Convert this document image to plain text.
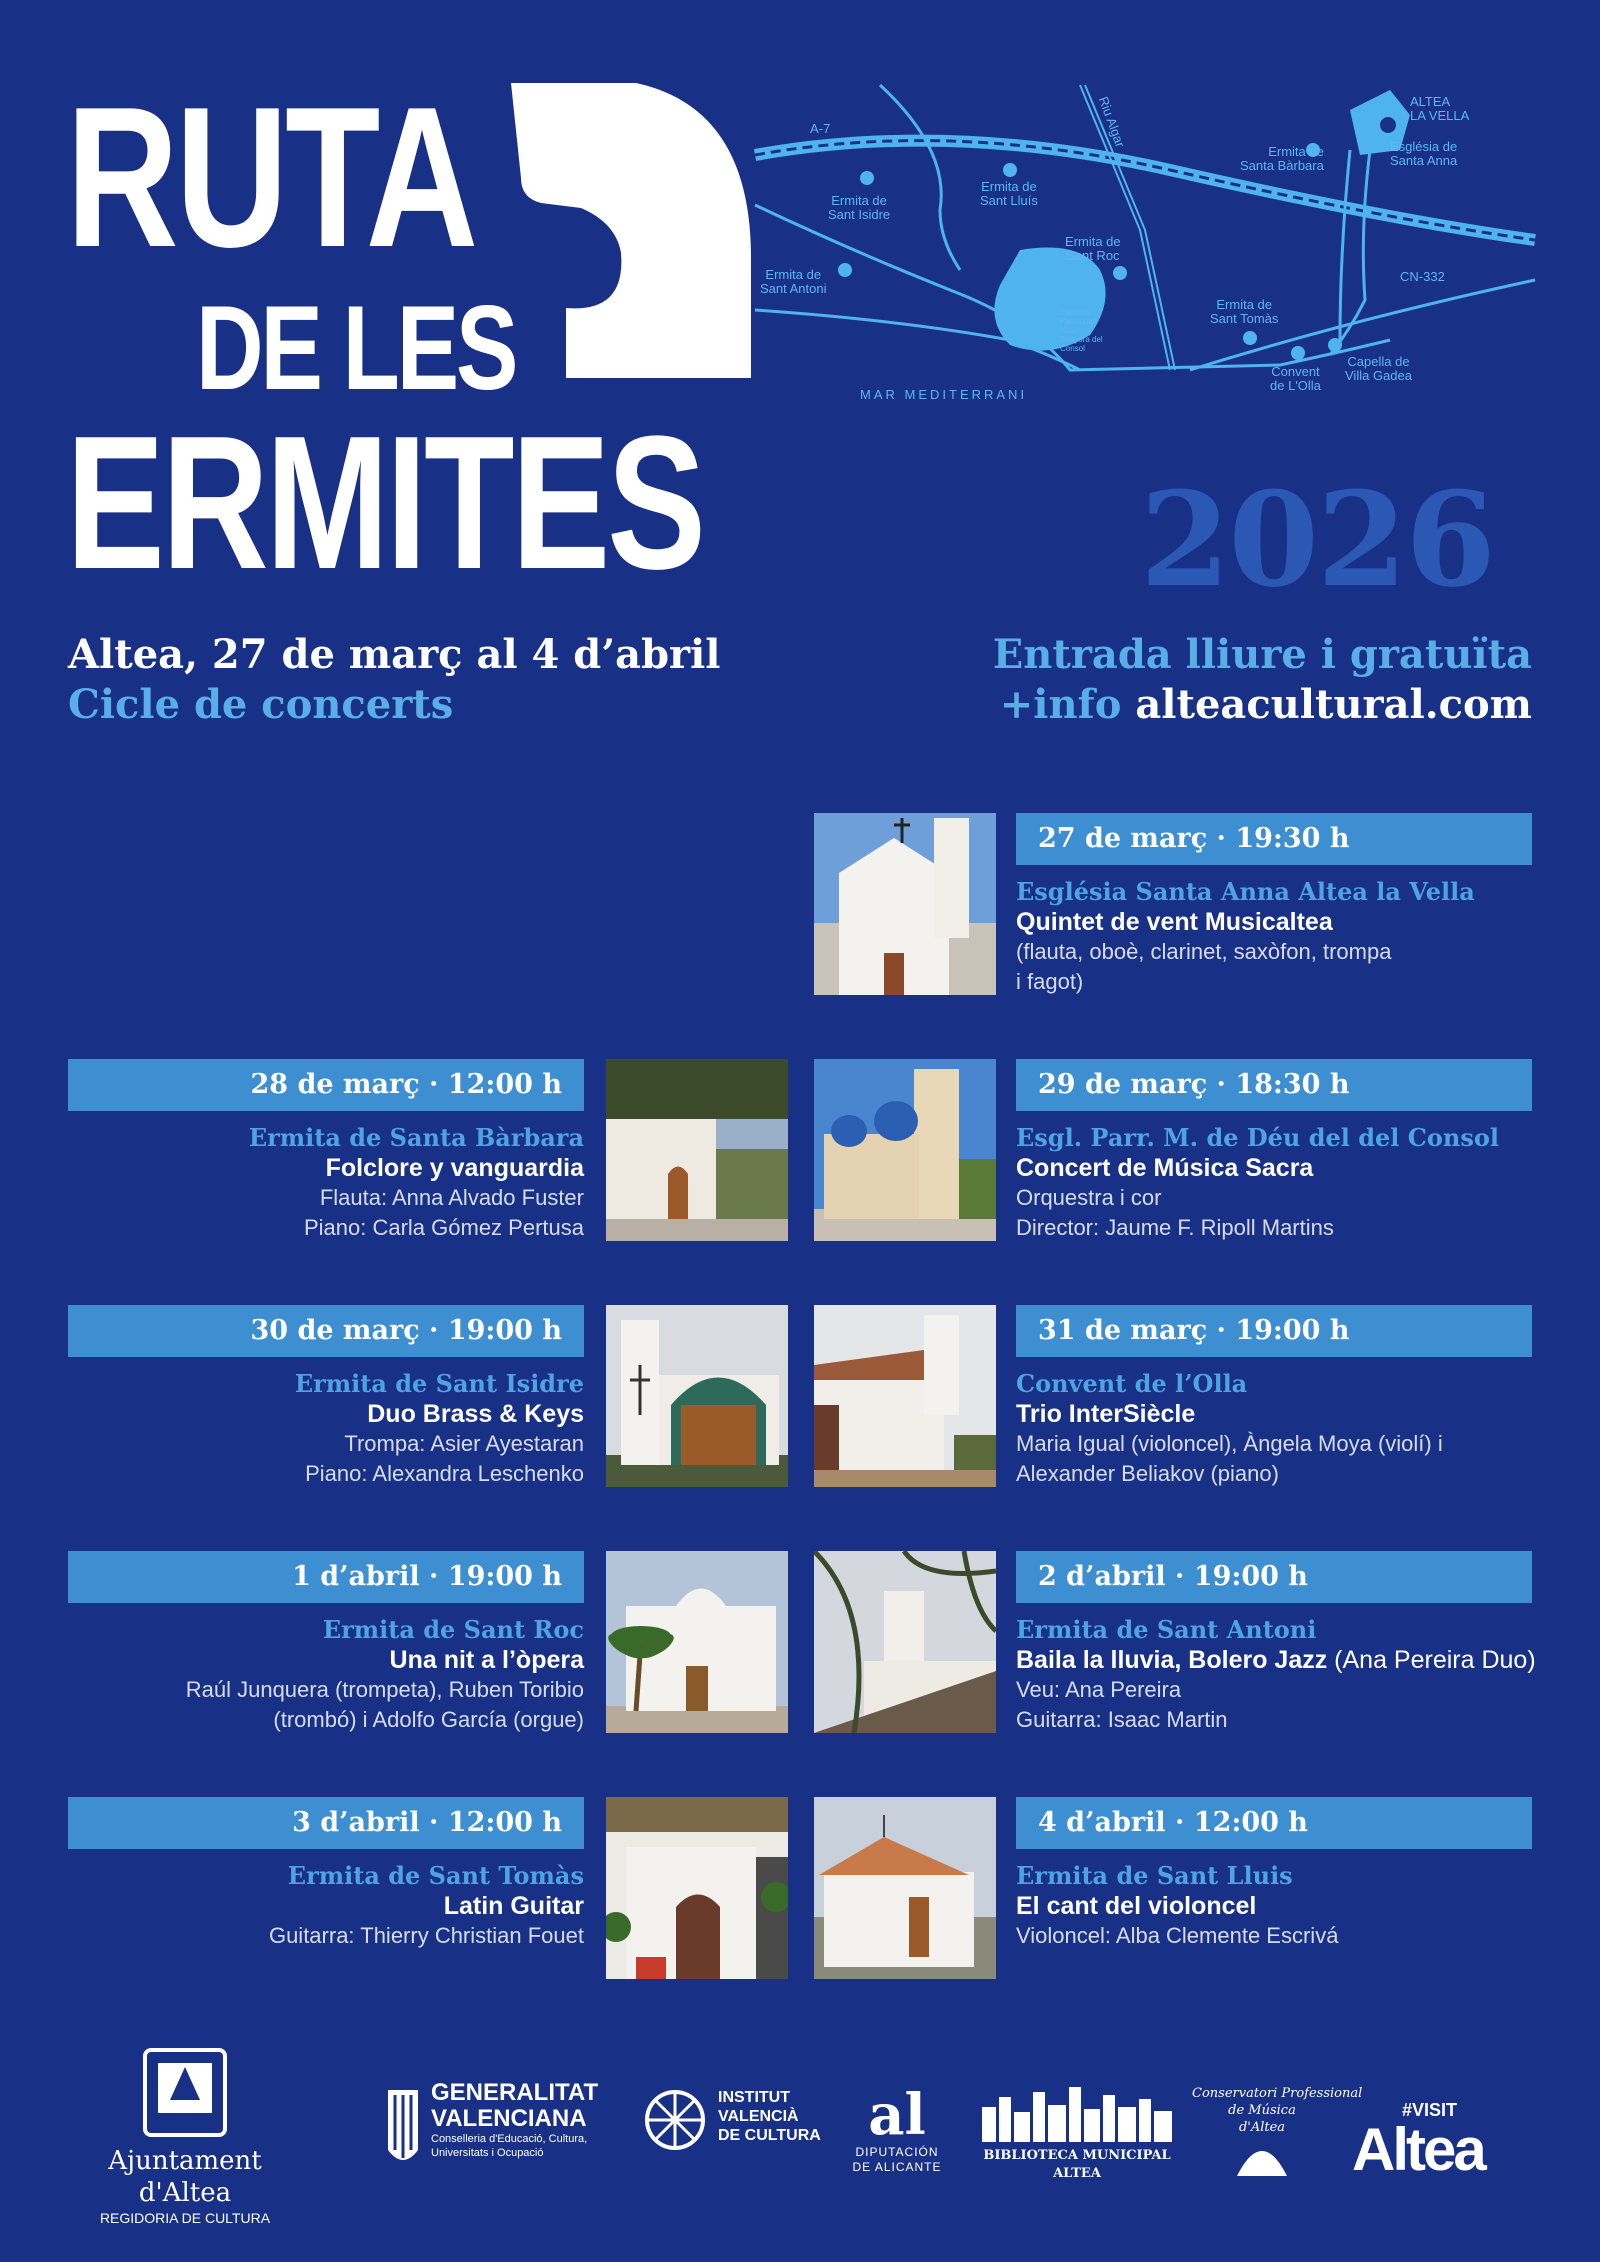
RUTA
DE LES
ERMITES
A-7	Riu Algar	ALTEA
LA VELLA
Església de
Santa Anna
Ermita de
Santa Bàrbara
Ermita de
Sant Isidre
Ermita de
Sant Lluís
Ermita de
Sant Roc
Ermita de
Sant Antoni
Ermita de
Sant Tomàs
CN-332
Església
Parroquial
Ntra.
Senyora del
Consol
Convent
de L'Olla
Capella de
Villa Gadea
MAR MEDITERRANI
2026
Altea, 27 de març al 4 d’abril
Cicle de concerts
Entrada lliure i gratuïta
+info alteacultural.com
27 de març · 19:30 h
Església Santa Anna Altea la Vella
Quintet de vent Musicaltea
(flauta, oboè, clarinet, saxòfon, trompa
i fagot)
28 de març · 12:00 h
Ermita de Santa Bàrbara
Folclore y vanguardia
Flauta: Anna Alvado Fuster
Piano: Carla Gómez Pertusa
29 de març · 18:30 h
Esgl. Parr. M. de Déu del del Consol
Concert de Música Sacra
Orquestra i cor
Director: Jaume F. Ripoll Martins
30 de març · 19:00 h
Ermita de Sant Isidre
Duo Brass & Keys
Trompa: Asier Ayestaran
Piano: Alexandra Leschenko
31 de març · 19:00 h
Convent de l’Olla
Trio InterSiècle
Maria Igual (violoncel), Àngela Moya (violí) i
Alexander Beliakov (piano)
1 d’abril · 19:00 h
Ermita de Sant Roc
Una nit a l’òpera
Raúl Junquera (trompeta), Ruben Toribio
(trombó) i Adolfo García (orgue)
2 d’abril · 19:00 h
Ermita de Sant Antoni
Baila la lluvia, Bolero Jazz (Ana Pereira Duo)
Veu: Ana Pereira
Guitarra: Isaac Martin
3 d’abril · 12:00 h
Ermita de Sant Tomàs
Latin Guitar
Guitarra: Thierry Christian Fouet
4 d’abril · 12:00 h
Ermita de Sant Lluis
El cant del violoncel
Violoncel: Alba Clemente Escrivá
Ajuntament d'Altea
REGIDORIA DE CULTURA
GENERALITAT
VALENCIANA
Conselleria d'Educació, Cultura,
Universitats i Ocupació
INSTITUT
VALENCIÀ
DE CULTURA al
DIPUTACIÓN
DE ALICANTE
BIBLIOTECA MUNICIPAL ALTEA
Conservatori Professional
de Música
d'Altea
#VISIT
Altea
